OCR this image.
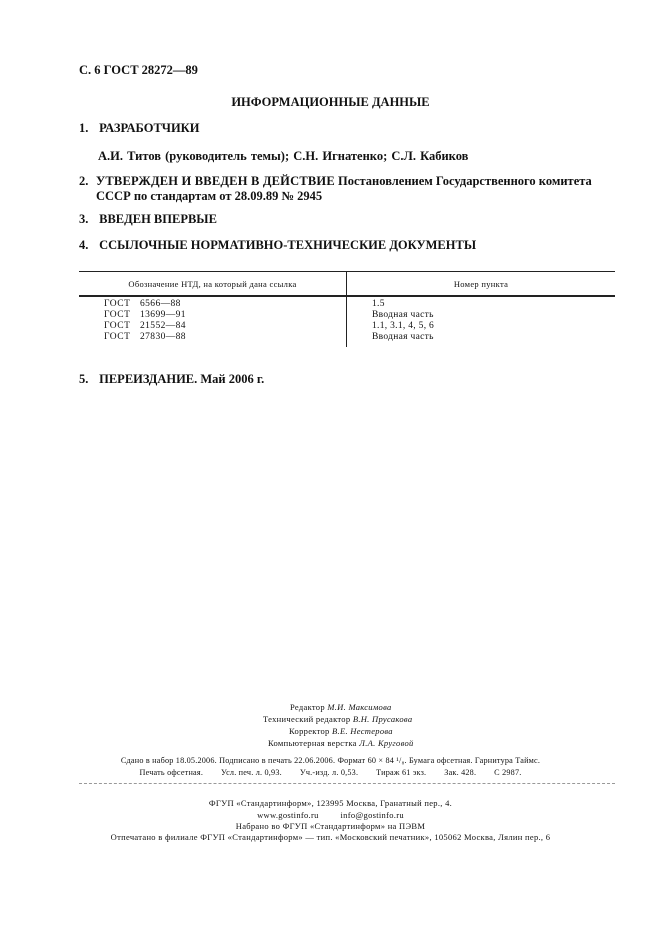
С. 6 ГОСТ 28272—89
ИНФОРМАЦИОННЫЕ ДАННЫЕ
1. РАЗРАБОТЧИКИ
А.И. Титов (руководитель темы); С.Н. Игнатенко; С.Л. Кабиков
2. УТВЕРЖДЕН И ВВЕДЕН В ДЕЙСТВИЕ Постановлением Государственного комитета СССР по стандартам от 28.09.89 № 2945
3. ВВЕДЕН ВПЕРВЫЕ
4. ССЫЛОЧНЫЕ НОРМАТИВНО-ТЕХНИЧЕСКИЕ ДОКУМЕНТЫ
Обозначение НТД, на который дана ссылка	Номер пункта
ГОСТ	6566—88	1.5
ГОСТ	13699—91	Вводная часть
ГОСТ	21552—84	1.1, 3.1, 4, 5, 6
ГОСТ	27830—88	Вводная часть
5. ПЕРЕИЗДАНИЕ. Май 2006 г.
Редактор М.И. Максимова
Технический редактор В.Н. Прусакова
Корректор В.Е. Нестерова
Компьютерная верстка Л.А. Круговой
Сдано в набор 18.05.2006. Подписано в печать 22.06.2006. Формат 60 × 84 ¹/₈. Бумага офсетная. Гарнитура Таймс.
Печать офсетная.        Усл. печ. л. 0,93.        Уч.-изд. л. 0,53.        Тираж 61 экз.        Зак. 428.        С 2987.
ФГУП «Стандартинформ», 123995 Москва, Гранатный пер., 4.
www.gostinfo.ru	info@gostinfo.ru
Набрано во ФГУП «Стандартинформ» на ПЭВМ
Отпечатано в филиале ФГУП «Стандартинформ» — тип. «Московский печатник», 105062 Москва, Лялин пер., 6
